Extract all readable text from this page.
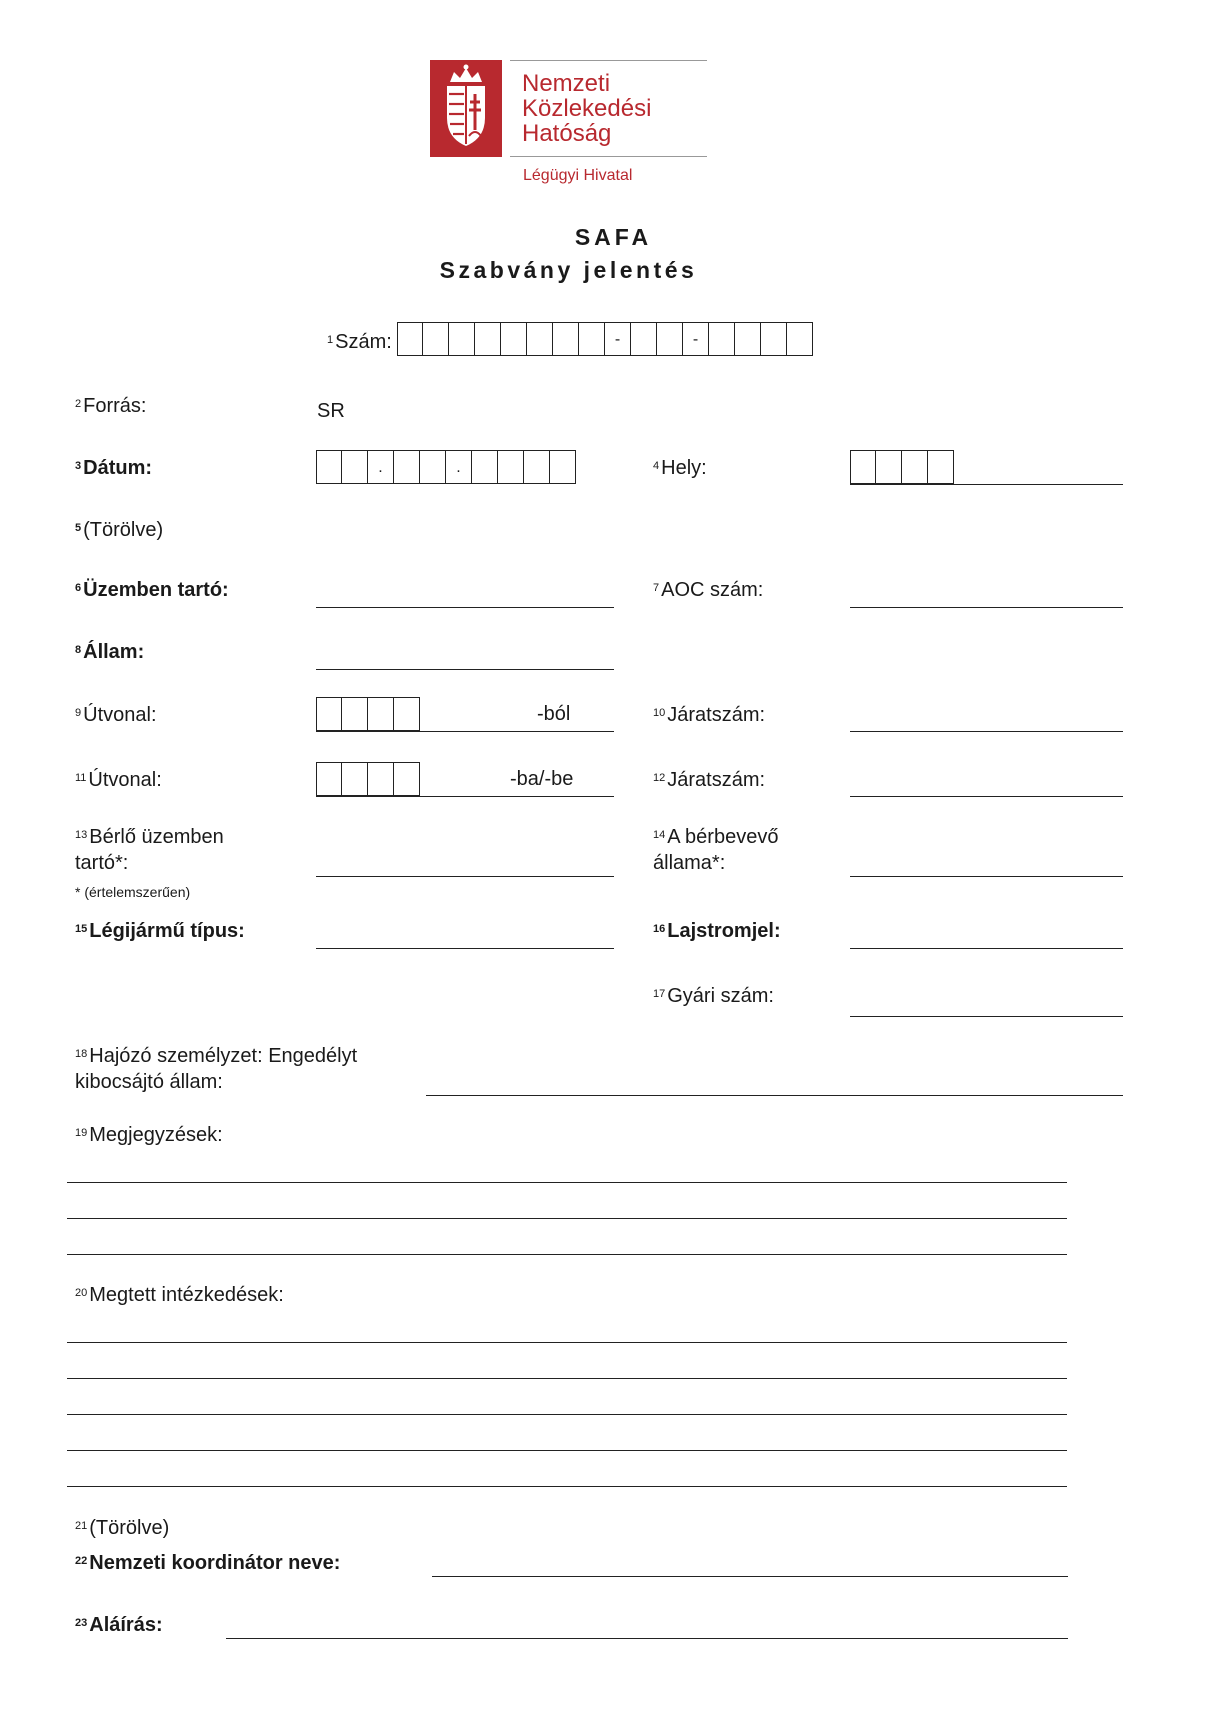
Nemzeti
Közlekedési
Hatóság
Légügyi Hivatal
SAFA
Szabvány jelentés
$^1$ Szám:	-	-
$^2$ Forrás:	SR
$^3$ Dátum:	.	.	$^4$ Hely:
$^5$ (Törölve)
$^6$ Üzemben tartó:	$^7$ AOC szám:
$^8$ Állam:
$^9$ Útvonal:	-ból	$^{10}$ Járatszám:
$^{11}$ Útvonal:	-ba/-be	$^{12}$ Járatszám:
$^{13}$ Bérlő üzemben tartó*:
* (értelemszerűen)
$^{14}$ A bérbevevő állama*:
$^{15}$ Légijármű típus:	$^{16}$ Lajstromjel:
$^{17}$ Gyári szám:
$^{18}$ Hajózó személyzet: Engedélyt kibocsájtó állam:
$^{19}$ Megjegyzések:
$^{20}$ Megtett intézkedések:
$^{21}$ (Törölve)
$^{22}$ Nemzeti koordinátor neve:
$^{23}$ Aláírás:
